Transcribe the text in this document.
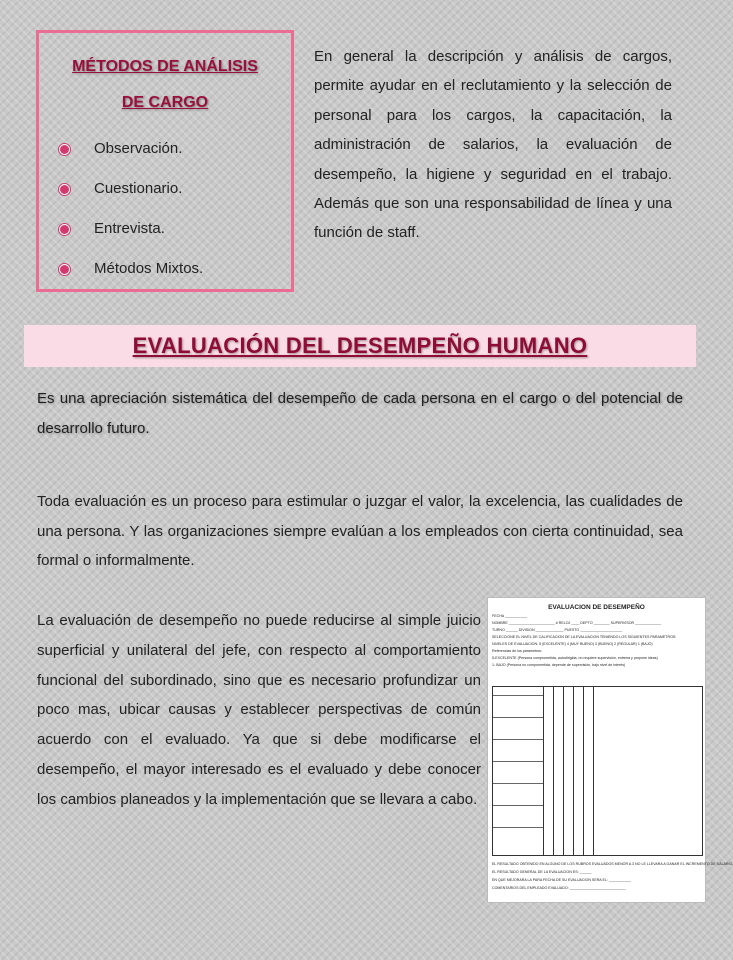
MÉTODOS DE ANÁLISIS
DE CARGO
Observación.
Cuestionario.
Entrevista.
Métodos Mixtos.
En general la descripción y análisis de cargos, permite ayudar en el reclutamiento y la selección de personal para los cargos, la capacitación, la administración de salarios, la evaluación de desempeño, la higiene y seguridad en el trabajo. Además que son una responsabilidad de línea y una función de staff.
EVALUACIÓN DEL DESEMPEÑO HUMANO
Es una apreciación sistemática del desempeño de cada persona en el cargo o del potencial de desarrollo futuro.
Toda evaluación es un proceso para estimular o juzgar el valor, la excelencia, las cualidades de una persona. Y las organizaciones siempre evalúan a los empleados con cierta continuidad, sea formal o informalmente.
La evaluación de desempeño no puede reducirse al simple juicio superficial y unilateral del jefe, con respecto al comportamiento funcional del subordinado, sino que es necesario profundizar un poco mas, ubicar causas y establecer perspectivas de común acuerdo con el evaluado. Ya que si debe modificarse el desempeño, el mayor interesado es el evaluado y debe conocer los cambios planeados y la implementación que se llevara a cabo.
EVALUACION DE DESEMPEÑO
FECHA ___________
NOMBRE _______________________ # RELOJ ____ DEPTO ________ SUPERVISOR _____________
TURNO ______ DIVISION ______________ PUESTO _____________________
SELECCIONE EL NIVEL DE CALIFICACION DE LA EVALUACION TENIENDO LOS SIGUIENTES PARAMETROS:
NIVELES DE EVALUACION: 5 (EXCELENTE) 4 (MUY BUENO) 3 (BUENO) 2 (REGULAR) 1 (BAJO)
Referencias de los parametros:
5-EXCELENTE (Persona comprometida, autodirigida, no requiere supervisión, entrena y propone ideas)
1- BAJO (Persona no comprometida, depende de supervisión, bajo nivel de interés)
EL RESULTADO OBTENIDO EN ALGUNO DE LOS RUBROS EVALUADOS MENOR A 3 NO LE LLEVARA A GANAR EL INCREMENTO DE SALARIO.
EL RESULTADO GENERAL DE LA EVALUACION ES: ______
EN QUE MEJORARA LA PARA FECHA DE SU EVALUACION SERA EL: ___________
COMENTARIOS DEL EMPLEADO EVALUADO: ____________________________
